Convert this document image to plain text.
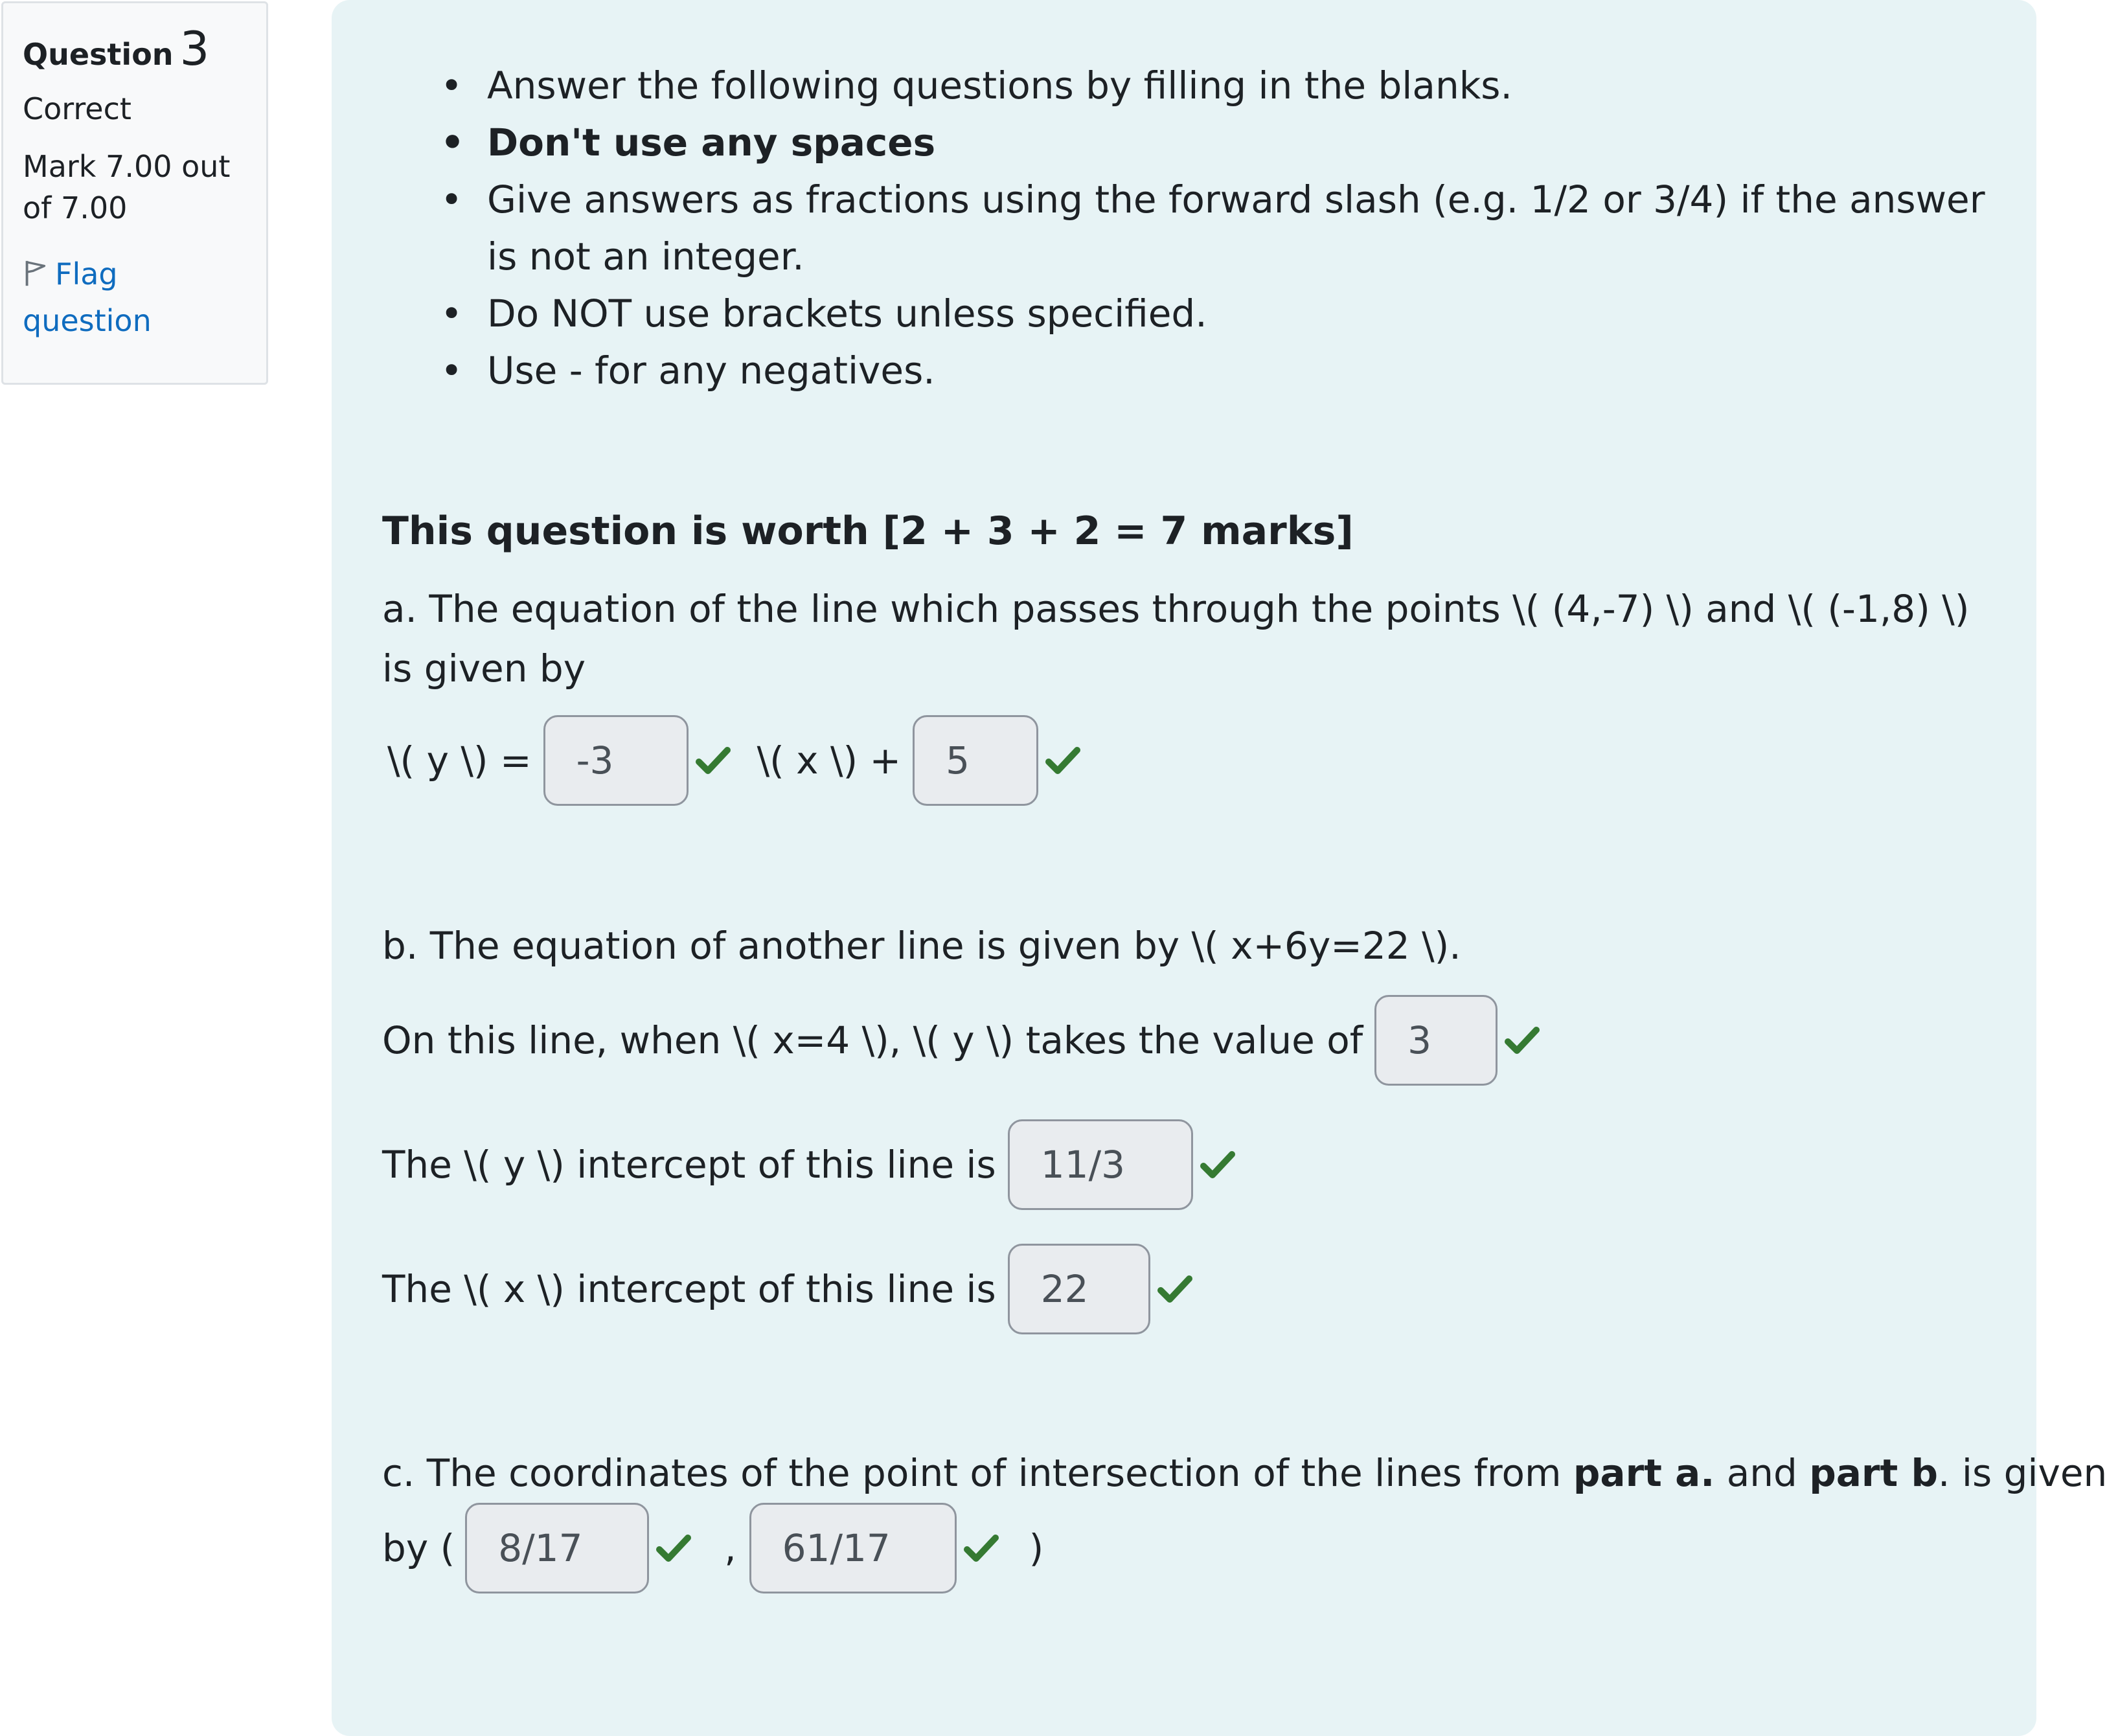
Question 3
Correct
Mark 7.00 out
of 7.00
Flag
question
• Answer the following questions by filling in the blanks.
• Don't use any spaces
• Give answers as fractions using the forward slash (e.g. 1/2 or 3/4) if the answer is not an integer.
• Do NOT use brackets unless specified.
• Use - for any negatives.
This question is worth [2 + 3 + 2 = 7 marks]
a. The equation of the line which passes through the points \( (4,-7) \) and \( (-1,8) \) is given by
\( y \) =	-3	\( x \) +	5
b. The equation of another line is given by \( x+6y=22 \).
On this line, when \( x=4 \), \( y \) takes the value of	3
The \( y \) intercept of this line is	11/3
The \( x \) intercept of this line is	22
c. The coordinates of the point of intersection of the lines from part a. and part b. is given
by (	8/17	,	61/17	)
